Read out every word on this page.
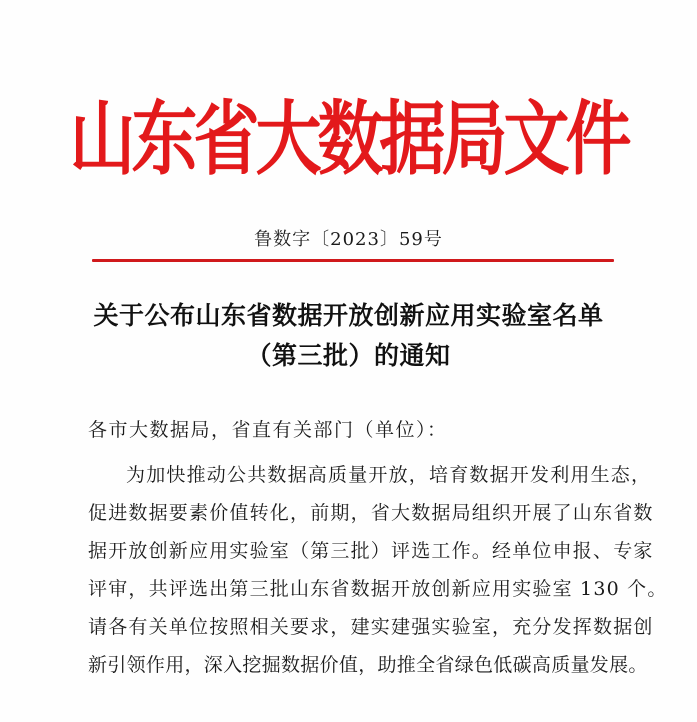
山东省大数据局文件
鲁数字〔2023〕59号
关于公布山东省数据开放创新应用实验室名单
（第三批）的通知
各市大数据局，省直有关部门（单位）：
为加快推动公共数据高质量开放，培育数据开发利用生态，
促进数据要素价值转化，前期，省大数据局组织开展了山东省数
据开放创新应用实验室（第三批）评选工作。经单位申报、专家
评审，共评选出第三批山东省数据开放创新应用实验室 130 个。
请各有关单位按照相关要求，建实建强实验室，充分发挥数据创
新引领作用，深入挖掘数据价值，助推全省绿色低碳高质量发展。
